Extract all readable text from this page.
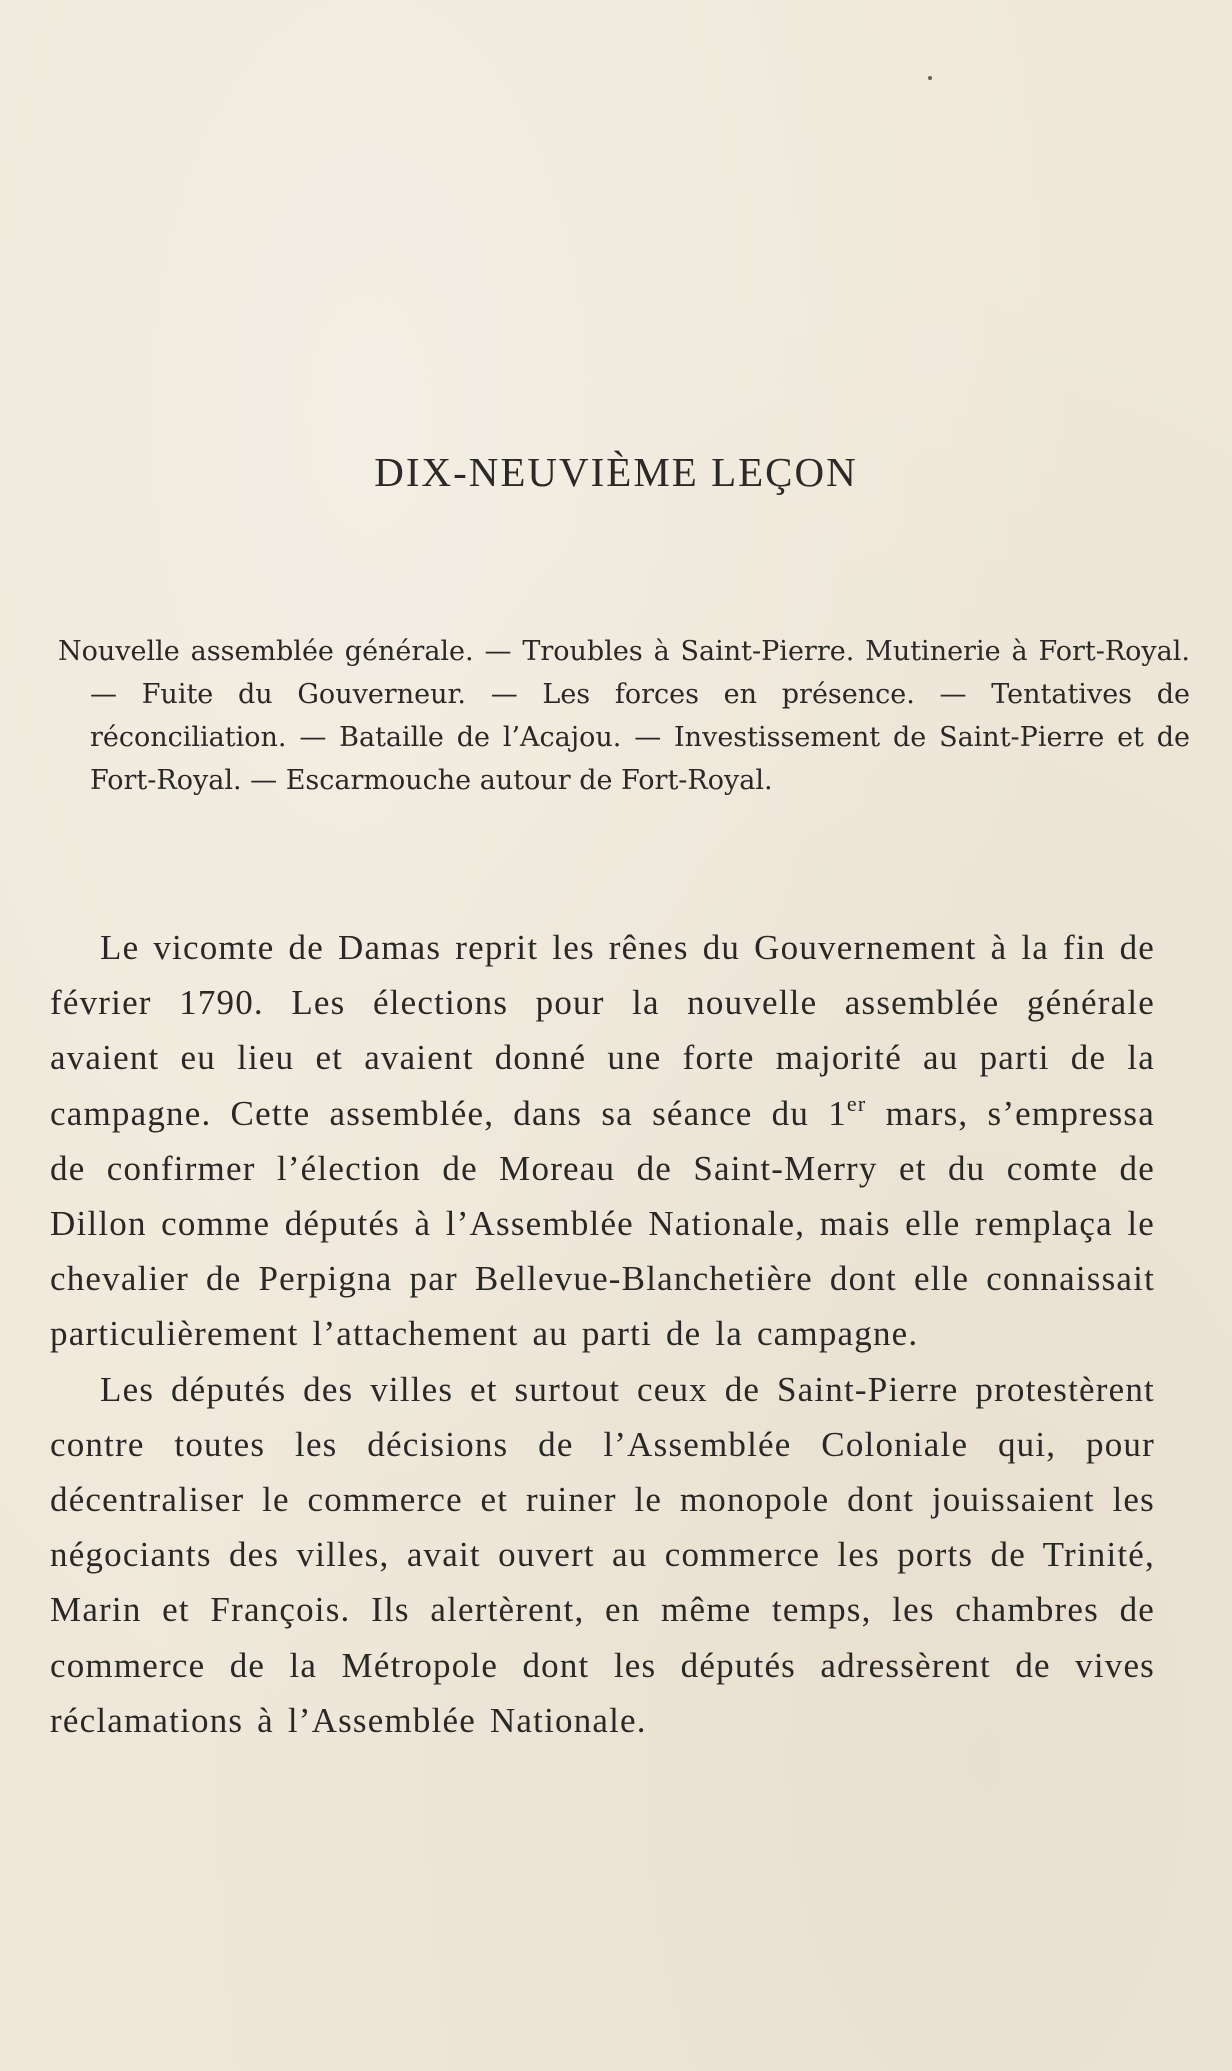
DIX-NEUVIÈME LEÇON

Nouvelle assemblée générale. — Troubles à Saint-Pierre. Mutinerie à Fort-Royal. — Fuite du Gouverneur. — Les forces en présence. — Tentatives de réconciliation. — Bataille de l’Acajou. — Investissement de Saint-Pierre et de Fort-Royal. — Escarmouche autour de Fort-Royal.

Le vicomte de Damas reprit les rênes du Gouvernement à la fin de février 1790. Les élections pour la nouvelle assemblée générale avaient eu lieu et avaient donné une forte majorité au parti de la campagne. Cette assemblée, dans sa séance du 1er mars, s’empressa de confirmer l’élection de Moreau de Saint-Merry et du comte de Dillon comme députés à l’Assemblée Nationale, mais elle remplaça le chevalier de Perpigna par Bellevue-Blanchetière dont elle connaissait particulièrement l’attachement au parti de la campagne.

Les députés des villes et surtout ceux de Saint-Pierre protestèrent contre toutes les décisions de l’Assemblée Coloniale qui, pour décentraliser le commerce et ruiner le monopole dont jouissaient les négociants des villes, avait ouvert au commerce les ports de Trinité, Marin et François. Ils alertèrent, en même temps, les chambres de commerce de la Métropole dont les députés adressèrent de vives réclamations à l’Assemblée Nationale.
